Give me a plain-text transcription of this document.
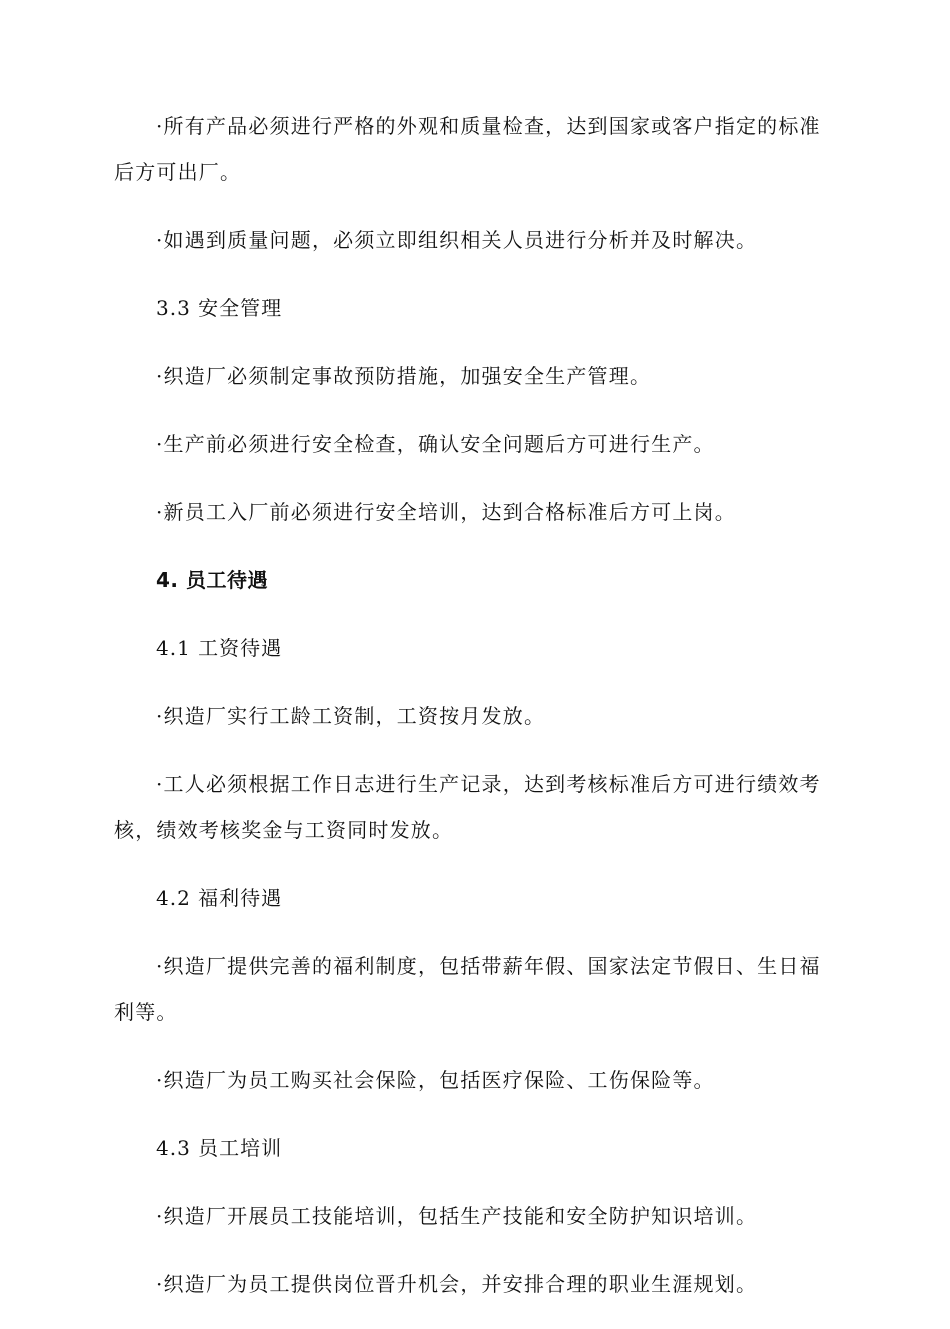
·所有产品必须进行严格的外观和质量检查，达到国家或客户指定的标准后方可出厂。

·如遇到质量问题，必须立即组织相关人员进行分析并及时解决。

3.3 安全管理

·织造厂必须制定事故预防措施，加强安全生产管理。

·生产前必须进行安全检查，确认安全问题后方可进行生产。

·新员工入厂前必须进行安全培训，达到合格标准后方可上岗。

4. 员工待遇

4.1 工资待遇

·织造厂实行工龄工资制，工资按月发放。

·工人必须根据工作日志进行生产记录，达到考核标准后方可进行绩效考核，绩效考核奖金与工资同时发放。

4.2 福利待遇

·织造厂提供完善的福利制度，包括带薪年假、国家法定节假日、生日福利等。

·织造厂为员工购买社会保险，包括医疗保险、工伤保险等。

4.3 员工培训

·织造厂开展员工技能培训，包括生产技能和安全防护知识培训。

·织造厂为员工提供岗位晋升机会，并安排合理的职业生涯规划。
